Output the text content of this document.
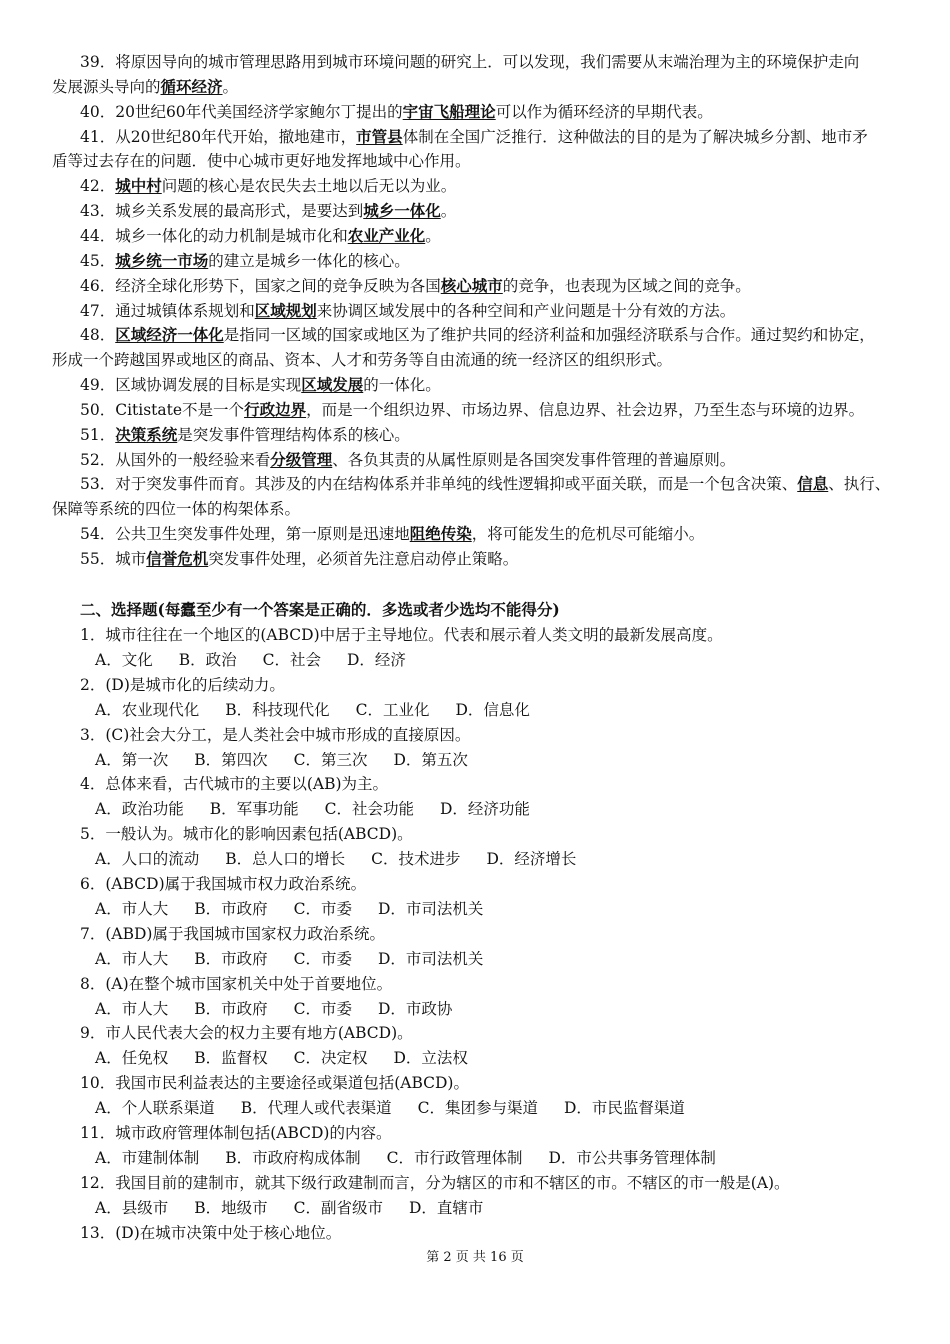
39．将原因导向的城市管理思路用到城市环境问题的研究上．可以发现，我们需要从末端治理为主的环境保护走向
发展源头导向的循环经济。
40．20世纪60年代美国经济学家鲍尔丁提出的宇宙飞船理论可以作为循环经济的早期代表。
41．从20世纪80年代开始，撤地建市，市管县体制在全国广泛推行．这种做法的目的是为了解决城乡分割、地市矛
盾等过去存在的问题．使中心城市更好地发挥地域中心作用。
42．城中村问题的核心是农民失去土地以后无以为业。
43．城乡关系发展的最高形式，是要达到城乡一体化。
44．城乡一体化的动力机制是城市化和农业产业化。
45．城乡统一市场的建立是城乡一体化的核心。
46．经济全球化形势下，国家之间的竞争反映为各国核心城市的竞争，也表现为区域之间的竞争。
47．通过城镇体系规划和区域规划来协调区域发展中的各种空间和产业问题是十分有效的方法。
48．区域经济一体化是指同一区域的国家或地区为了维护共同的经济利益和加强经济联系与合作。通过契约和协定，
形成一个跨越国界或地区的商品、资本、人才和劳务等自由流通的统一经济区的组织形式。
49．区域协调发展的目标是实现区域发展的一体化。
50．Citistate不是一个行政边界，而是一个组织边界、市场边界、信息边界、社会边界，乃至生态与环境的边界。
51．决策系统是突发事件管理结构体系的核心。
52．从国外的一般经验来看分级管理、各负其责的从属性原则是各国突发事件管理的普遍原则。
53．对于突发事件而育。其涉及的内在结构体系并非单纯的线性逻辑抑或平面关联，而是一个包含决策、信息、执行、
保障等系统的四位一体的构架体系。
54．公共卫生突发事件处理，第一原则是迅速地阻绝传染，将可能发生的危机尽可能缩小。
55．城市信誉危机突发事件处理，必须首先注意启动停止策略。
二、选择题(每蠹至少有一个答案是正确的．多选或者少选均不能得分)
1．城市往往在一个地区的(ABCD)中居于主导地位。代表和展示着人类文明的最新发展高度。
A．文化 B．政治 C．社会 D．经济
2．(D)是城市化的后续动力。
A．农业现代化 B．科技现代化 C．工业化 D．信息化
3．(C)社会大分工，是人类社会中城市形成的直接原因。
A．第一次 B．第四次 C．第三次 D．第五次
4．总体来看，古代城市的主要以(AB)为主。
A．政治功能 B．军事功能 C．社会功能 D．经济功能
5．一般认为。城市化的影响因素包括(ABCD)。
A．人口的流动 B．总人口的增长 C．技术进步 D．经济增长
6．(ABCD)属于我国城市权力政治系统。
A．市人大 B．市政府 C．市委 D．市司法机关
7．(ABD)属于我国城市国家权力政治系统。
A．市人大 B．市政府 C．市委 D．市司法机关
8．(A)在整个城市国家机关中处于首要地位。
A．市人大 B．市政府 C．市委 D．市政协
9．市人民代表大会的权力主要有地方(ABCD)。
A．任免权 B．监督权 C．决定权 D．立法权
10．我国市民利益表达的主要途径或渠道包括(ABCD)。
A．个人联系渠道 B．代理人或代表渠道 C．集团参与渠道 D．市民监督渠道
11．城市政府管理体制包括(ABCD)的内容。
A．市建制体制 B．市政府构成体制 C．市行政管理体制 D．市公共事务管理体制
12．我国目前的建制市，就其下级行政建制而言，分为辖区的市和不辖区的市。不辖区的市一般是(A)。
A．县级市 B．地级市 C．副省级市 D．直辖市
13．(D)在城市决策中处于核心地位。
第 2 页 共 16 页
